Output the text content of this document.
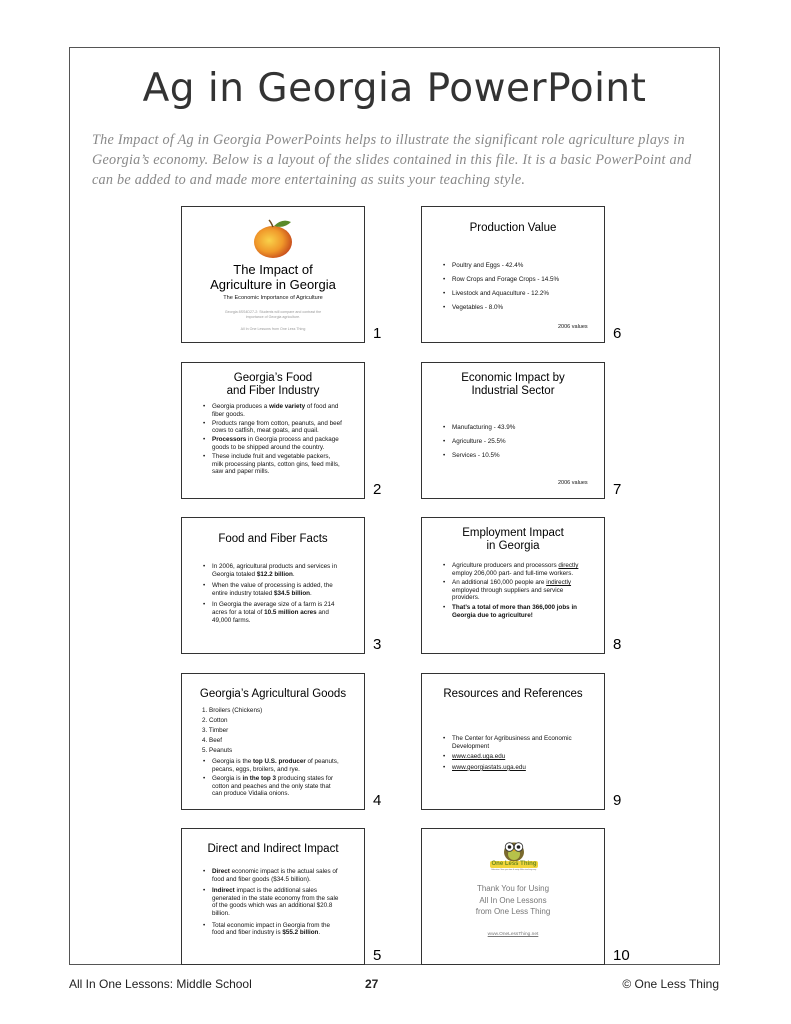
Ag in Georgia PowerPoint
The Impact of Ag in Georgia PowerPoints helps to illustrate the significant role agriculture plays in Georgia’s economy. Below is a layout of the slides contained in this file. It is a basic PowerPoint and can be added to and made more entertaining as suits your teaching style.
The Impact of
Agriculture in Georgia
The Economic Importance of Agriculture
Georgia 8SS4D27-2: Students will compare and contrast the importance of Georgia agriculture.
All In One Lessons from One Less Thing	1
Production Value
• Poultry and Eggs - 42.4%
• Row Crops and Forage Crops - 14.5%
• Livestock and Aquaculture - 12.2%
• Vegetables - 8.0%
2006 values 6
Georgia’s Food
and Fiber Industry
• Georgia produces a wide variety of food and fiber goods.
• Products range from cotton, peanuts, and beef cows to catfish, meat goats, and quail.
• Processors in Georgia process and package goods to be shipped around the country.
• These include fruit and vegetable packers, milk processing plants, cotton gins, feed mills, saw and paper mills.
2
Economic Impact by
Industrial Sector
• Manufacturing - 43.9%
• Agriculture - 25.5%
• Services - 10.5%
2006 values 7
Food and Fiber Facts
• In 2006, agricultural products and services in Georgia totaled $12.2 billion.
• When the value of processing is added, the entire industry totaled $34.5 billion.
• In Georgia the average size of a farm is 214 acres for a total of 10.5 million acres and 49,000 farms.
3
Employment Impact
in Georgia
• Agriculture producers and processors directly employ 206,000 part- and full-time workers.
• An additional 160,000 people are indirectly employed through suppliers and service providers.
• That’s a total of more than 366,000 jobs in Georgia due to agriculture!
8
Georgia’s Agricultural Goods
1. Broilers (Chickens)
2. Cotton
3. Timber
4. Beef
5. Peanuts
• Georgia is the top U.S. producer of peanuts, pecans, eggs, broilers, and rye.
• Georgia is in the top 3 producing states for cotton and peaches and the only state that can produce Vidalia onions.	4
Resources and References
• The Center for Agribusiness and Economic Development
• www.caed.uga.edu
• www.georgiastats.uga.edu
9
Direct and Indirect Impact
• Direct economic impact is the actual sales of food and fiber goods ($34.5 billion).
• Indirect impact is the additional sales generated in the state economy from the sale of the goods which was an additional $20.8 billion.
• Total economic impact in Georgia from the food and fiber industry is $55.2 billion.
5
One Less Thing
Education. Save your time & sanity. Make teaching easy.
Thank You for Using
All In One Lessons
from One Less Thing
www.OneLessThing.net
10
All In One Lessons: Middle School	27	© One Less Thing
